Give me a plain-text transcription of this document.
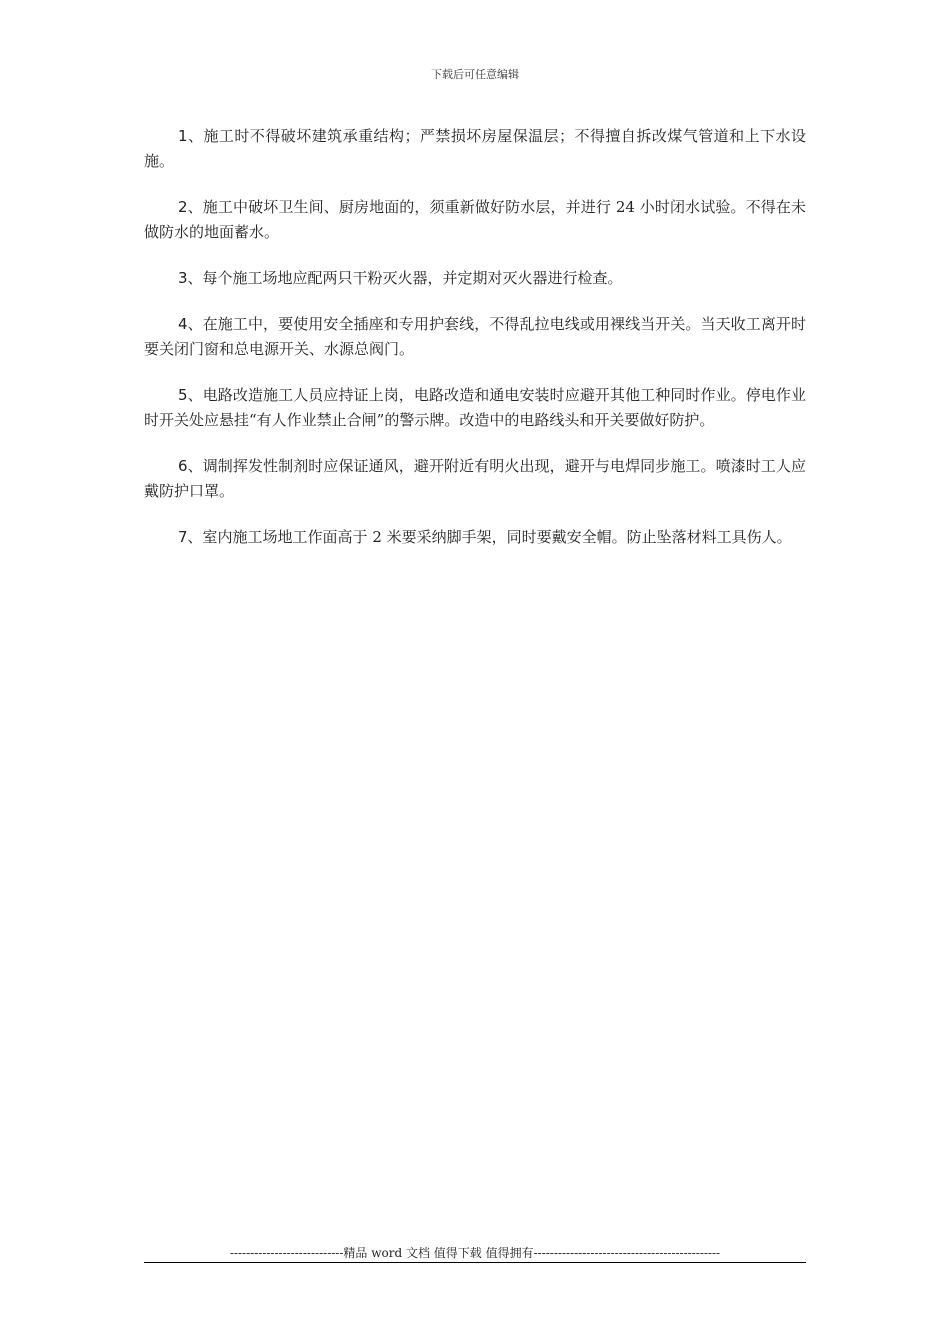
下载后可任意编辑

1、施工时不得破坏建筑承重结构；严禁损坏房屋保温层；不得擅自拆改煤气管道和上下水设施。

2、施工中破坏卫生间、厨房地面的，须重新做好防水层，并进行 24 小时闭水试验。不得在未做防水的地面蓄水。

3、每个施工场地应配两只干粉灭火器，并定期对灭火器进行检查。

4、在施工中，要使用安全插座和专用护套线，不得乱拉电线或用裸线当开关。当天收工离开时要关闭门窗和总电源开关、水源总阀门。

5、电路改造施工人员应持证上岗，电路改造和通电安装时应避开其他工种同时作业。停电作业时开关处应悬挂“有人作业禁止合闸”的警示牌。改造中的电路线头和开关要做好防护。

6、调制挥发性制剂时应保证通风，避开附近有明火出现，避开与电焊同步施工。喷漆时工人应戴防护口罩。

7、室内施工场地工作面高于 2 米要采纳脚手架，同时要戴安全帽。防止坠落材料工具伤人。

----------------------------精品 word 文档 值得下载 值得拥有----------------------------------------------
